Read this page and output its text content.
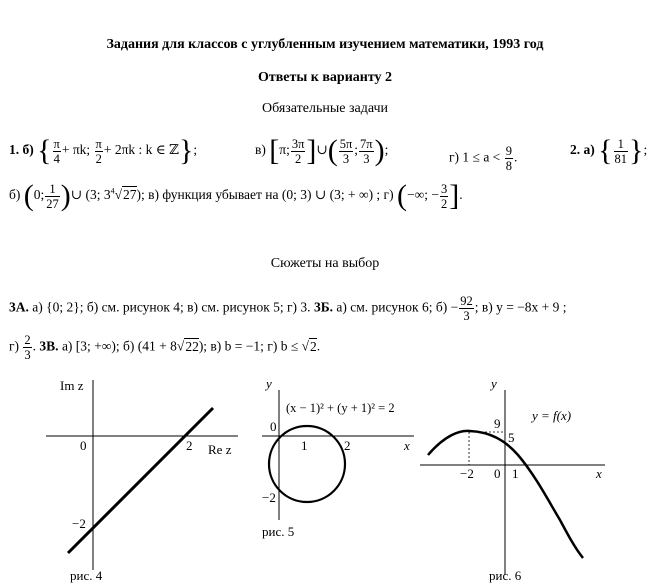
Задания для классов с углубленным изучением математики, 1993 год
Ответы к варианту 2
Обязательные задачи
1. б) { $\frac{\pi}{4} + \pi k$; $\frac{\pi}{2} + 2\pi k$ : k ∈ ℤ};	в) [π; $\frac{3\pi}{2}$ ]∪( $\frac{5\pi}{3}$ ; $\frac{7\pi}{3}$ );	г) $1 \le a < \frac{9}{8}$ .	2. а) { $\frac{1}{81}$ };
б) (0; $\frac{1}{27}$ )∪ (3; $3^4√27$); в) функция убывает на (0; 3) ∪ (3; + ∞) ; г) (−∞; − $\frac{3}{2}$ ].
Сюжеты на выбор
3А. а) {0; 2}; б) см. рисунок 4; в) см. рисунок 5; г) 3. 3Б. а) см. рисунок 6; $б) - \frac{92}{3}$ ; в) y = −8x + 9 ;
$г) \frac{2}{3}$ . 3В. а) [3; +∞); б) (41 + 8√22); в) b = −1; г) b ≤ √2.
Im z
Re z
0	2
−2
рис. 4
y
x
(x − 1)² + (y + 1)² = 2
0
1	2
−2
рис. 5
y
x
y = f(x)
9
5
−2 0 1
рис. 6
